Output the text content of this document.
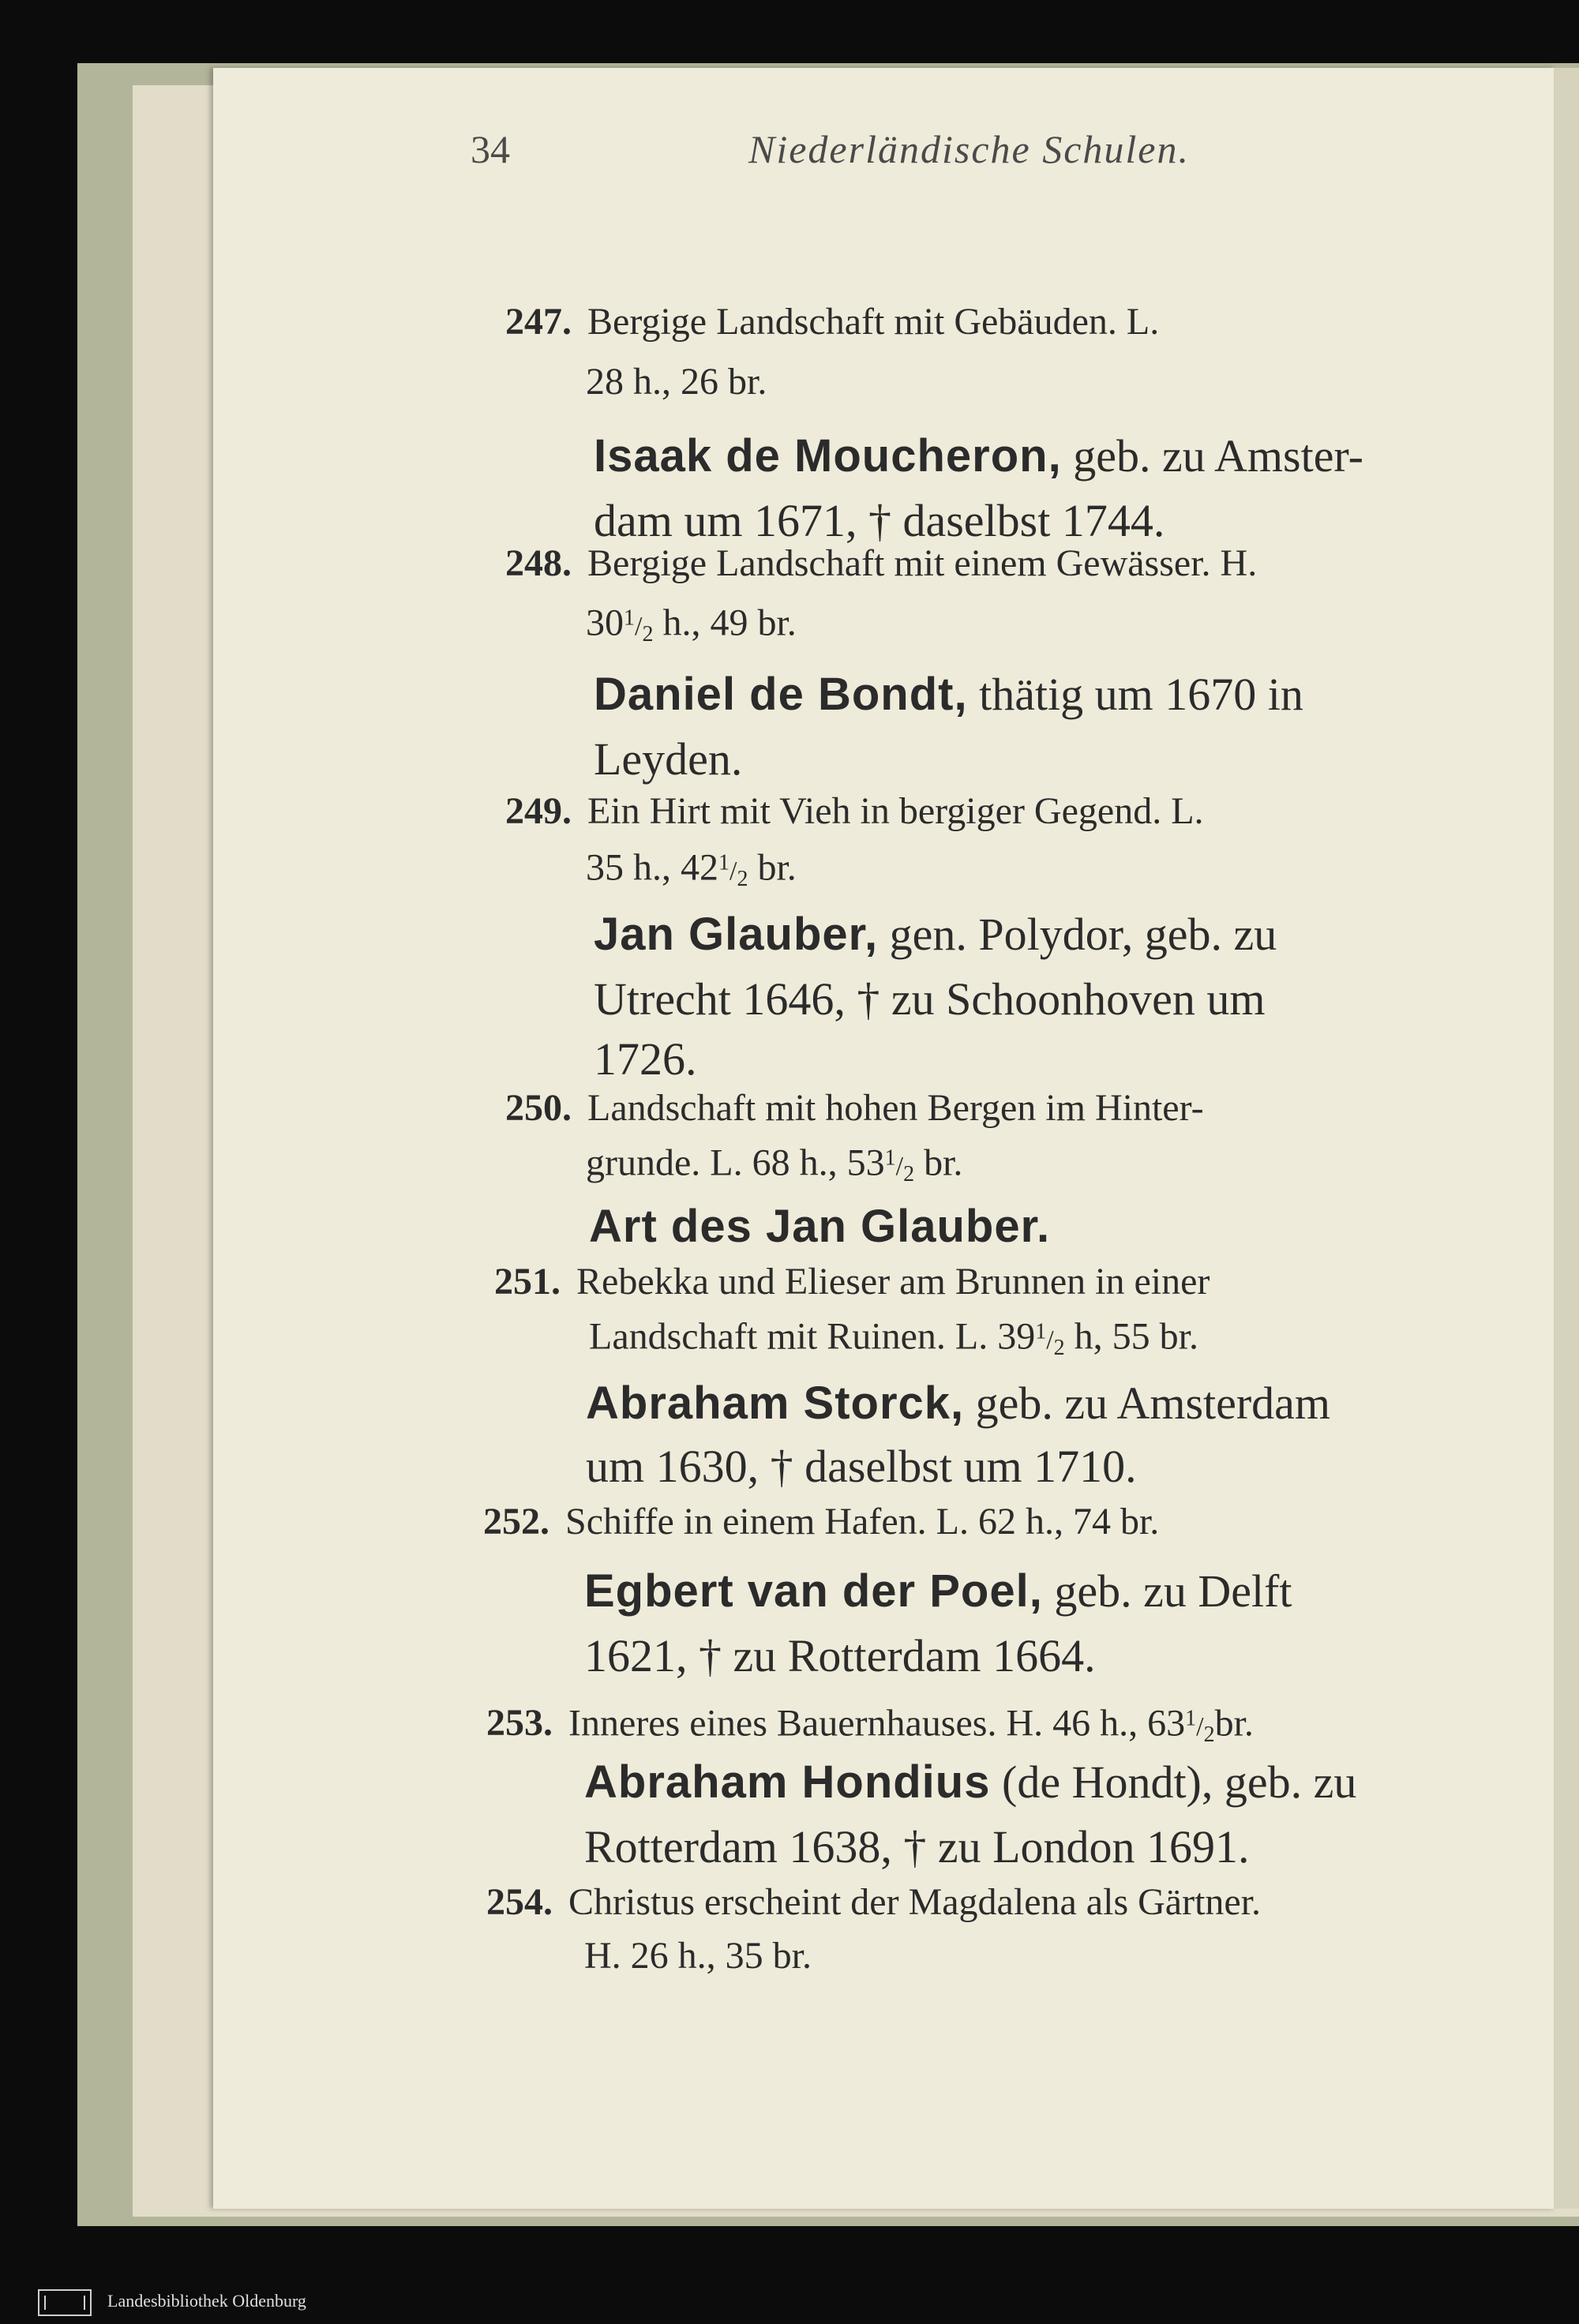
34	Niederländische Schulen.
247. Bergige Landschaft mit Gebäuden. L.
28 h., 26 br.
Isaak de Moucheron, geb. zu Amster-
dam um 1671, † daselbst 1744.
248. Bergige Landschaft mit einem Gewässer. H.
$30^1/_2$ h., 49 br.
Daniel de Bondt, thätig um 1670 in
Leyden.
249. Ein Hirt mit Vieh in bergiger Gegend. L.
35 h., $42^1/_2$ br.
Jan Glauber, gen. Polydor, geb. zu
Utrecht 1646, † zu Schoonhoven um
1726.
250. Landschaft mit hohen Bergen im Hinter-
grunde. L. 68 h., $53^1/_2$ br.
Art des Jan Glauber.
251. Rebekka und Elieser am Brunnen in einer
Landschaft mit Ruinen. L. $39^1/_2$ h, 55 br.
Abraham Storck, geb. zu Amsterdam
um 1630, † daselbst um 1710.
252. Schiffe in einem Hafen. L. 62 h., 74 br.
Egbert van der Poel, geb. zu Delft
1621, † zu Rotterdam 1664.
253. Inneres eines Bauernhauses. H. 46 h., $63^1/_2br$.
Abraham Hondius (de Hondt), geb. zu
Rotterdam 1638, † zu London 1691.
254. Christus erscheint der Magdalena als Gärtner.
H. 26 h., 35 br.
Landesbibliothek Oldenburg
